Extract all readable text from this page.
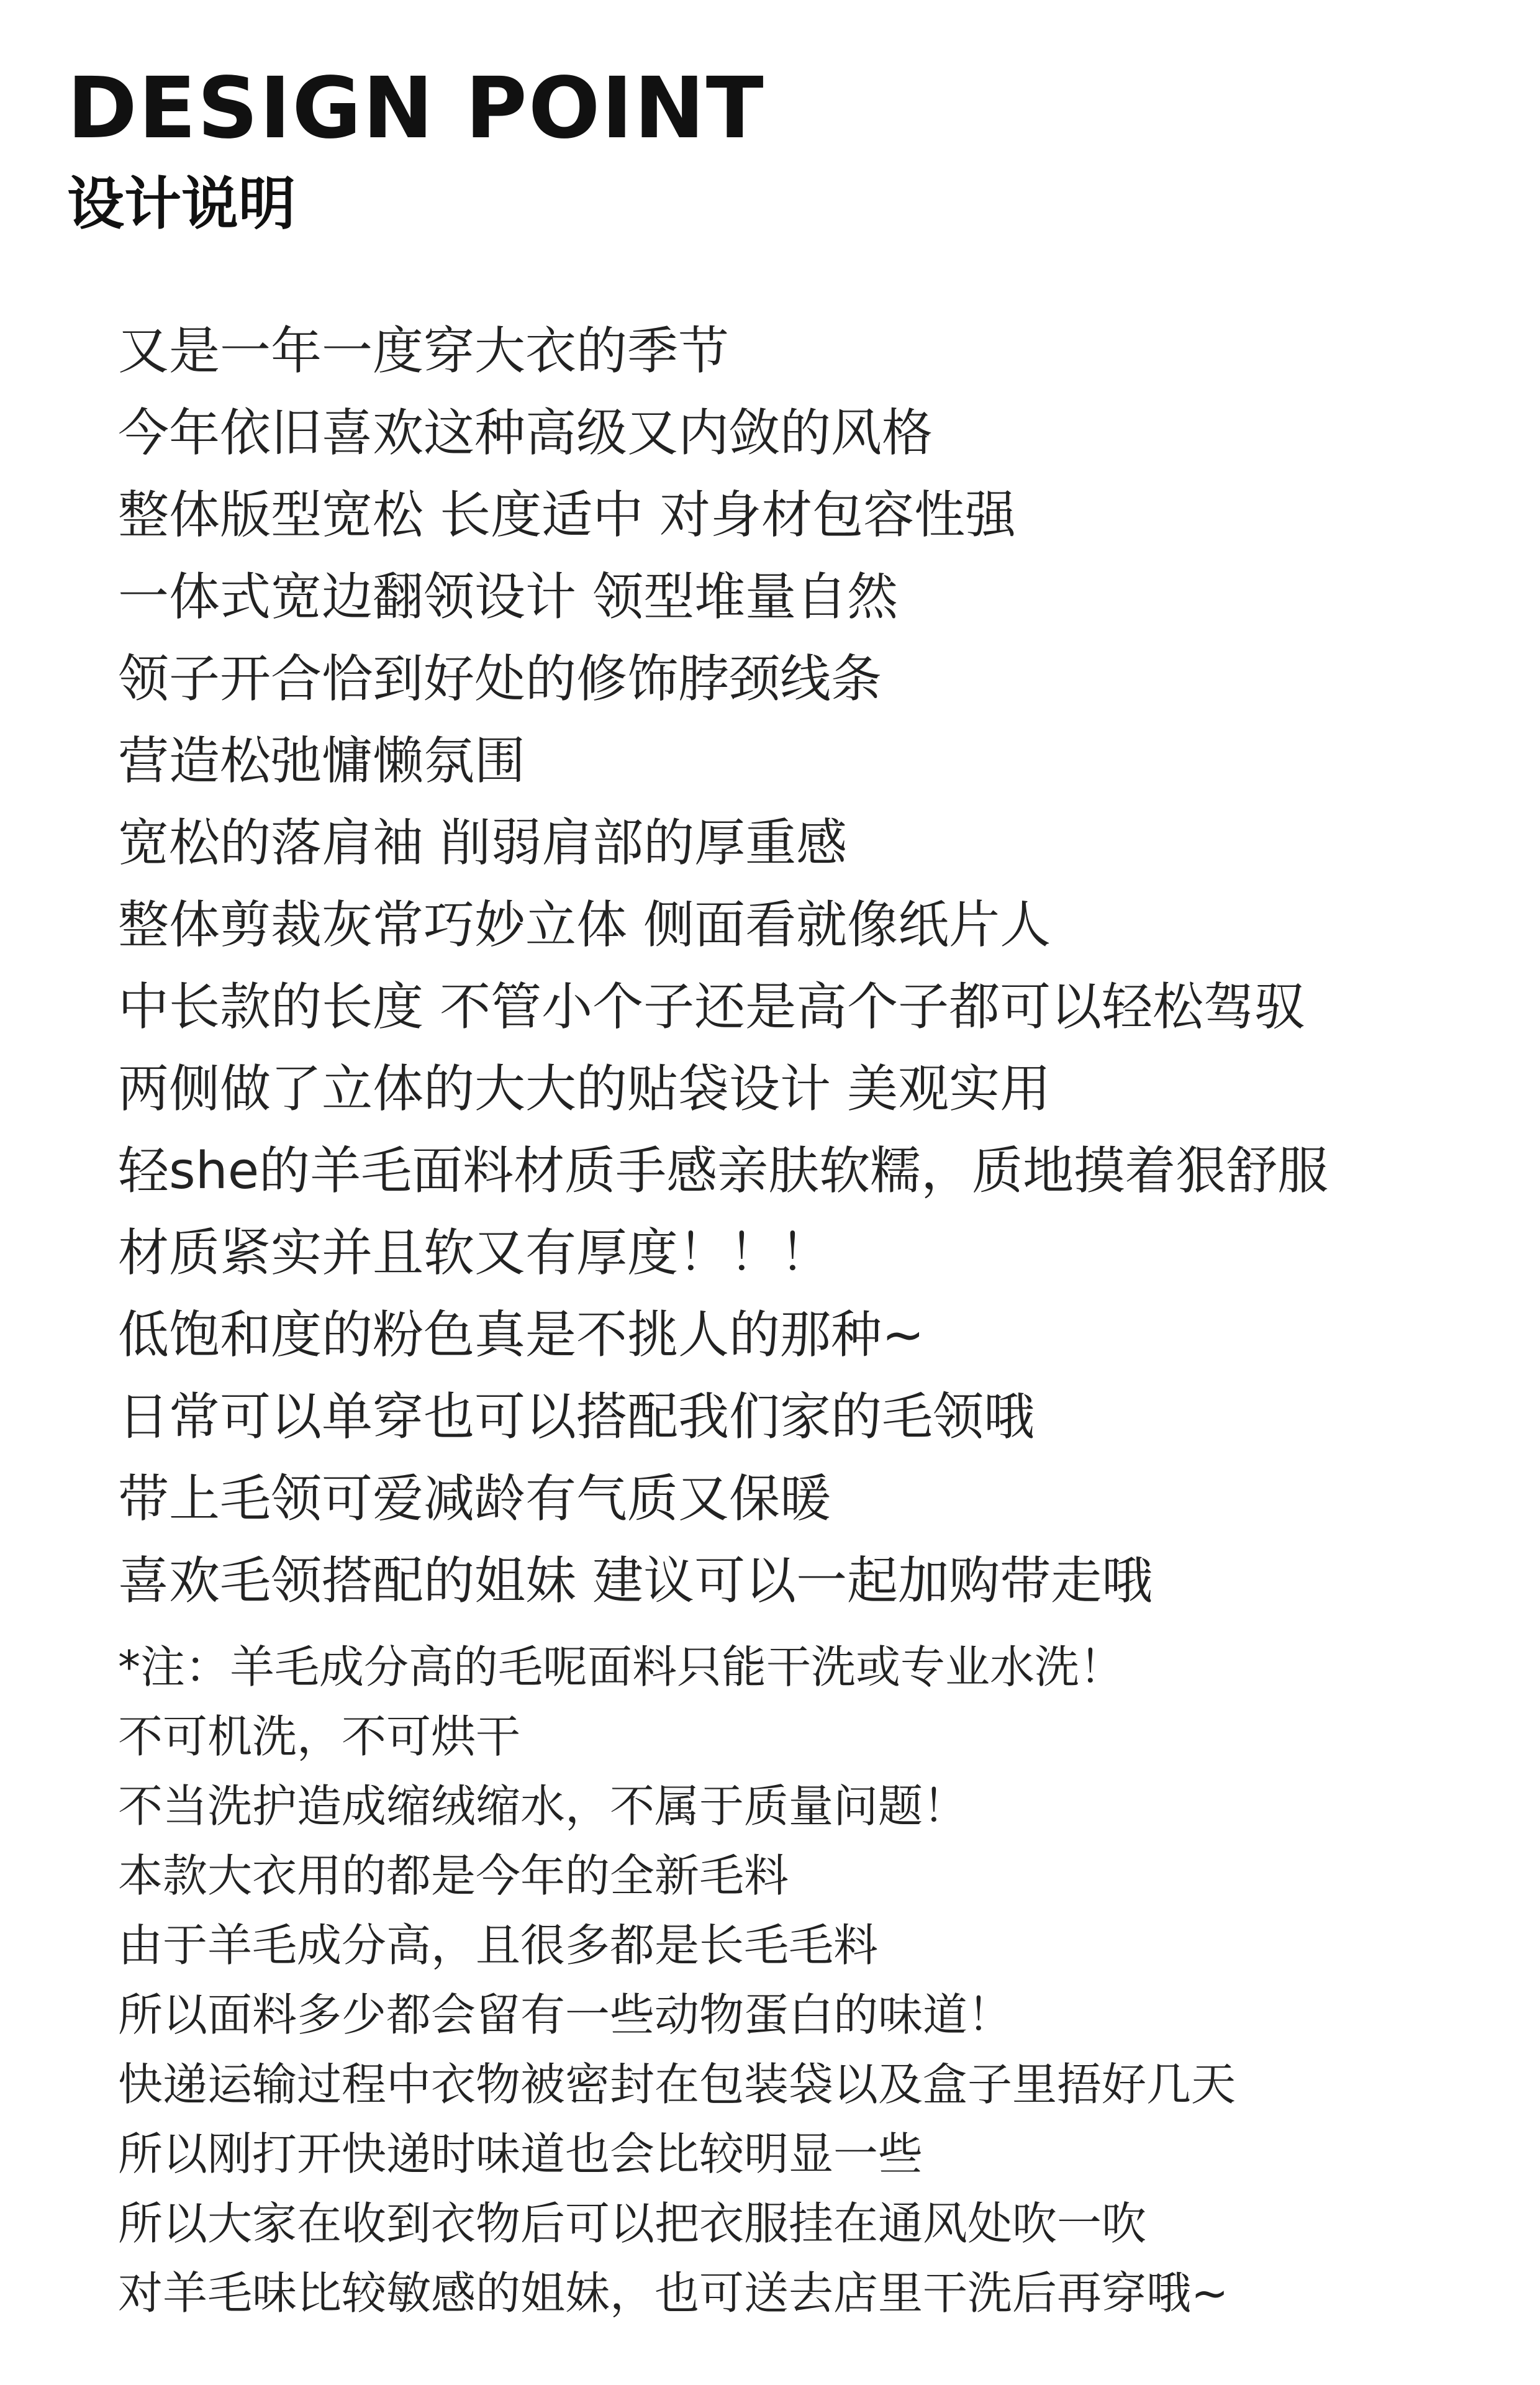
DESIGN POINT
设计说明
又是一年一度穿大衣的季节
今年依旧喜欢这种高级又内敛的风格
整体版型宽松 长度适中 对身材包容性强
一体式宽边翻领设计 领型堆量自然
领子开合恰到好处的修饰脖颈线条
营造松弛慵懒氛围
宽松的落肩袖 削弱肩部的厚重感
整体剪裁灰常巧妙立体 侧面看就像纸片人
中长款的长度 不管小个子还是高个子都可以轻松驾驭
两侧做了立体的大大的贴袋设计 美观实用
轻she的羊毛面料材质手感亲肤软糯，质地摸着狠舒服
材质紧实并且软又有厚度！！！
低饱和度的粉色真是不挑人的那种~
日常可以单穿也可以搭配我们家的毛领哦
带上毛领可爱减龄有气质又保暖
喜欢毛领搭配的姐妹 建议可以一起加购带走哦
*注：羊毛成分高的毛呢面料只能干洗或专业水洗！
不可机洗，不可烘干
不当洗护造成缩绒缩水，不属于质量问题！
本款大衣用的都是今年的全新毛料
由于羊毛成分高，且很多都是长毛毛料
所以面料多少都会留有一些动物蛋白的味道！
快递运输过程中衣物被密封在包装袋以及盒子里捂好几天
所以刚打开快递时味道也会比较明显一些
所以大家在收到衣物后可以把衣服挂在通风处吹一吹
对羊毛味比较敏感的姐妹，也可送去店里干洗后再穿哦~
